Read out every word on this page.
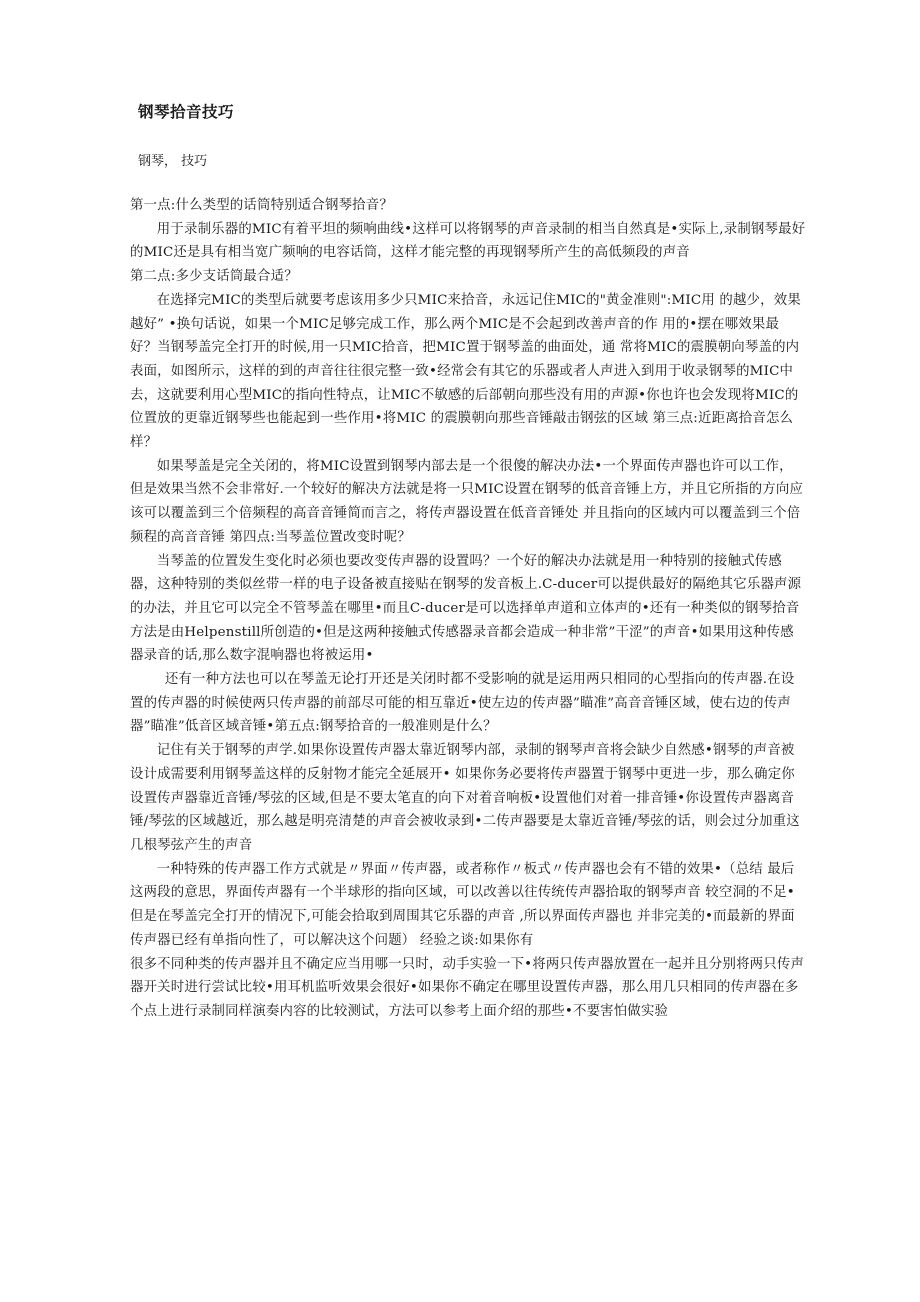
钢琴拾音技巧
钢琴， 技巧

第一点:什么类型的话筒特别适合钢琴拾音？

用于录制乐器的MIC有着平坦的频响曲线•这样可以将钢琴的声音录制的相当自然真是•实际上,录制钢琴最好的MIC还是具有相当宽广频响的电容话筒，这样才能完整的再现钢琴所产生的高低频段的声音

第二点:多少支话筒最合适？

在选择完MIC的类型后就要考虑该用多少只MIC来拾音，永远记住MIC的"黄金准则":MIC用 的越少，效果越好” •换句话说，如果一个MIC足够完成工作，那么两个MIC是不会起到改善声音的作 用的•摆在哪效果最好？当钢琴盖完全打开的时候,用一只MIC拾音，把MIC置于钢琴盖的曲面处，通 常将MIC的震膜朝向琴盖的内表面，如图所示，这样的到的声音往往很完整一致•经常会有其它的乐器或者人声进入到用于收录钢琴的MIC中去，这就要利用心型MIC的指向性特点，让MIC不敏感的后部朝向那些没有用的声源•你也许也会发现将MIC的位置放的更靠近钢琴些也能起到一些作用•将MIC 的震膜朝向那些音锤敲击钢弦的区域 第三点:近距离拾音怎么样？

如果琴盖是完全关闭的，将MIC设置到钢琴内部去是一个很傻的解决办法•一个界面传声器也许可以工作，但是效果当然不会非常好.一个较好的解决方法就是将一只MIC设置在钢琴的低音音锤上方，并且它所指的方向应该可以覆盖到三个倍频程的高音音锤简而言之，将传声器设置在低音音锤处 并且指向的区域内可以覆盖到三个倍频程的高音音锤 第四点:当琴盖位置改变时呢？

当琴盖的位置发生变化时必须也要改变传声器的设置吗？一个好的解决办法就是用一种特别的接触式传感器，这种特别的类似丝带一样的电子设备被直接贴在钢琴的发音板上.C-ducer可以提供最好的隔绝其它乐器声源的办法，并且它可以完全不管琴盖在哪里•而且C-ducer是可以选择单声道和立体声的•还有一种类似的钢琴拾音方法是由Helpenstill所创造的•但是这两种接触式传感器录音都会造成一种非常”干涩”的声音•如果用这种传感器录音的话,那么数字混响器也将被运用•

还有一种方法也可以在琴盖无论打开还是关闭时都不受影响的就是运用两只相同的心型指向的传声器.在设置的传声器的时候使两只传声器的前部尽可能的相互靠近•使左边的传声器”瞄准”高音音锤区域，使右边的传声器”瞄准”低音区域音锤•第五点:钢琴拾音的一般准则是什么？

记住有关于钢琴的声学.如果你设置传声器太靠近钢琴内部，录制的钢琴声音将会缺少自然感•钢琴的声音被设计成需要利用钢琴盖这样的反射物才能完全延展开• 如果你务必要将传声器置于钢琴中更进一步，那么确定你设置传声器靠近音锤/琴弦的区域,但是不要太笔直的向下对着音响板•设置他们对着一排音锤•你设置传声器离音锤/琴弦的区域越近，那么越是明亮清楚的声音会被收录到•二传声器要是太靠近音锤/琴弦的话，则会过分加重这几根琴弦产生的声音

一种特殊的传声器工作方式就是〃界面〃传声器，或者称作〃板式〃传声器也会有不错的效果•（总结 最后这两段的意思，界面传声器有一个半球形的指向区域，可以改善以往传统传声器拾取的钢琴声音 较空洞的不足•但是在琴盖完全打开的情况下,可能会拾取到周围其它乐器的声音 ,所以界面传声器也 并非完美的•而最新的界面传声器已经有单指向性了，可以解决这个问题） 经验之谈:如果你有

很多不同种类的传声器并且不确定应当用哪一只时，动手实验一下•将两只传声器放置在一起并且分别将两只传声器开关时进行尝试比较•用耳机监听效果会很好•如果你不确定在哪里设置传声器，那么用几只相同的传声器在多个点上进行录制同样演奏内容的比较测试，方法可以参考上面介绍的那些•不要害怕做实验
